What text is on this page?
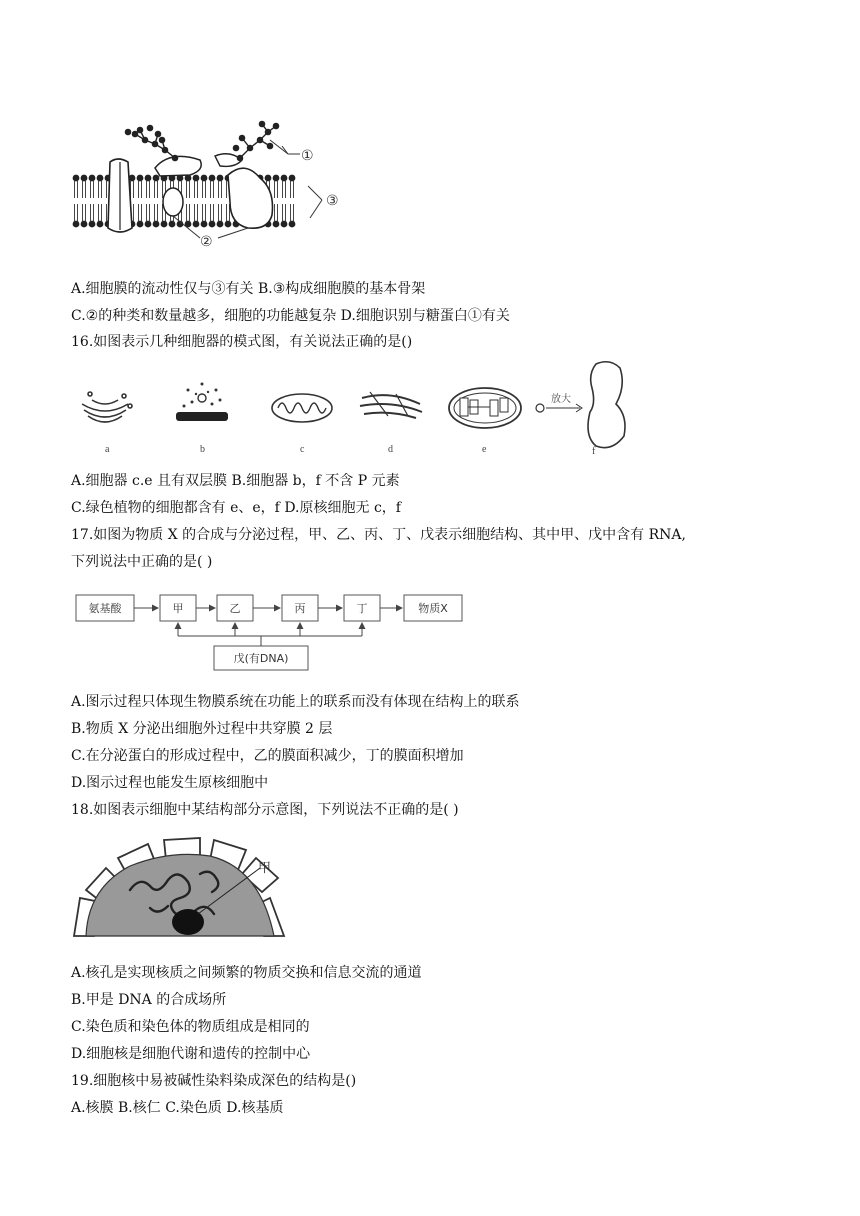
①
③
②
A.细胞膜的流动性仅与③有关 B.③构成细胞膜的基本骨架
C.②的种类和数量越多，细胞的功能越复杂 D.细胞识别与糖蛋白①有关
16.如图表示几种细胞器的模式图，有关说法正确的是()
放大
a	b	c	d	e	f
A.细胞器 c.e 且有双层膜 B.细胞器 b，f 不含 P 元素
C.绿色植物的细胞都含有 e、e，f D.原核细胞无 c，f
17.如图为物质 X 的合成与分泌过程，甲、乙、丙、丁、戊表示细胞结构、其中甲、戊中含有 RNA,
下列说法中正确的是( )
氨基酸	甲	乙	丙	丁	物质X
戊(有DNA)
A.图示过程只体现生物膜系统在功能上的联系而没有体现在结构上的联系
B.物质 X 分泌出细胞外过程中共穿膜 2 层
C.在分泌蛋白的形成过程中，乙的膜面积减少，丁的膜面积增加
D.图示过程也能发生原核细胞中
18.如图表示细胞中某结构部分示意图，下列说法不正确的是( )
甲
A.核孔是实现核质之间频繁的物质交换和信息交流的通道
B.甲是 DNA 的合成场所
C.染色质和染色体的物质组成是相同的
D.细胞核是细胞代谢和遗传的控制中心
19.细胞核中易被碱性染料染成深色的结构是()
A.核膜 B.核仁 C.染色质 D.核基质
